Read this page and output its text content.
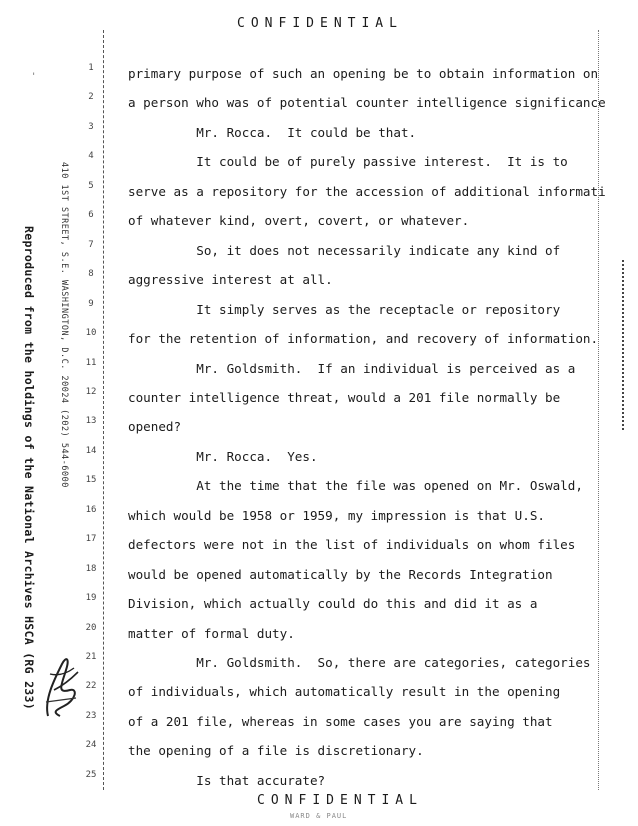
CONFIDENTIAL
Reproduced from the holdings of the National Archives HSCA (RG 233)	410 1ST STREET, S.E. WASHINGTON, D.C. 20024 (202) 544-6000
'
1
2
3
4
5
6
7
8
9
10
11
12
13
14
15
16
17
18
19
20
21
22
23
24
25
primary purpose of such an opening be to obtain information on
a person who was of potential counter intelligence significance
Mr. Rocca.  It could be that.
It could be of purely passive interest.  It is to
serve as a repository for the accession of additional informati
of whatever kind, overt, covert, or whatever.
So, it does not necessarily indicate any kind of
aggressive interest at all.
It simply serves as the receptacle or repository
for the retention of information, and recovery of information.
Mr. Goldsmith.  If an individual is perceived as a
counter intelligence threat, would a 201 file normally be
opened?
Mr. Rocca.  Yes.
At the time that the file was opened on Mr. Oswald,
which would be 1958 or 1959, my impression is that U.S.
defectors were not in the list of individuals on whom files
would be opened automatically by the Records Integration
Division, which actually could do this and did it as a
matter of formal duty.
Mr. Goldsmith.  So, there are categories, categories
of individuals, which automatically result in the opening
of a 201 file, whereas in some cases you are saying that
the opening of a file is discretionary.
Is that accurate?
CONFIDENTIAL
WARD & PAUL
